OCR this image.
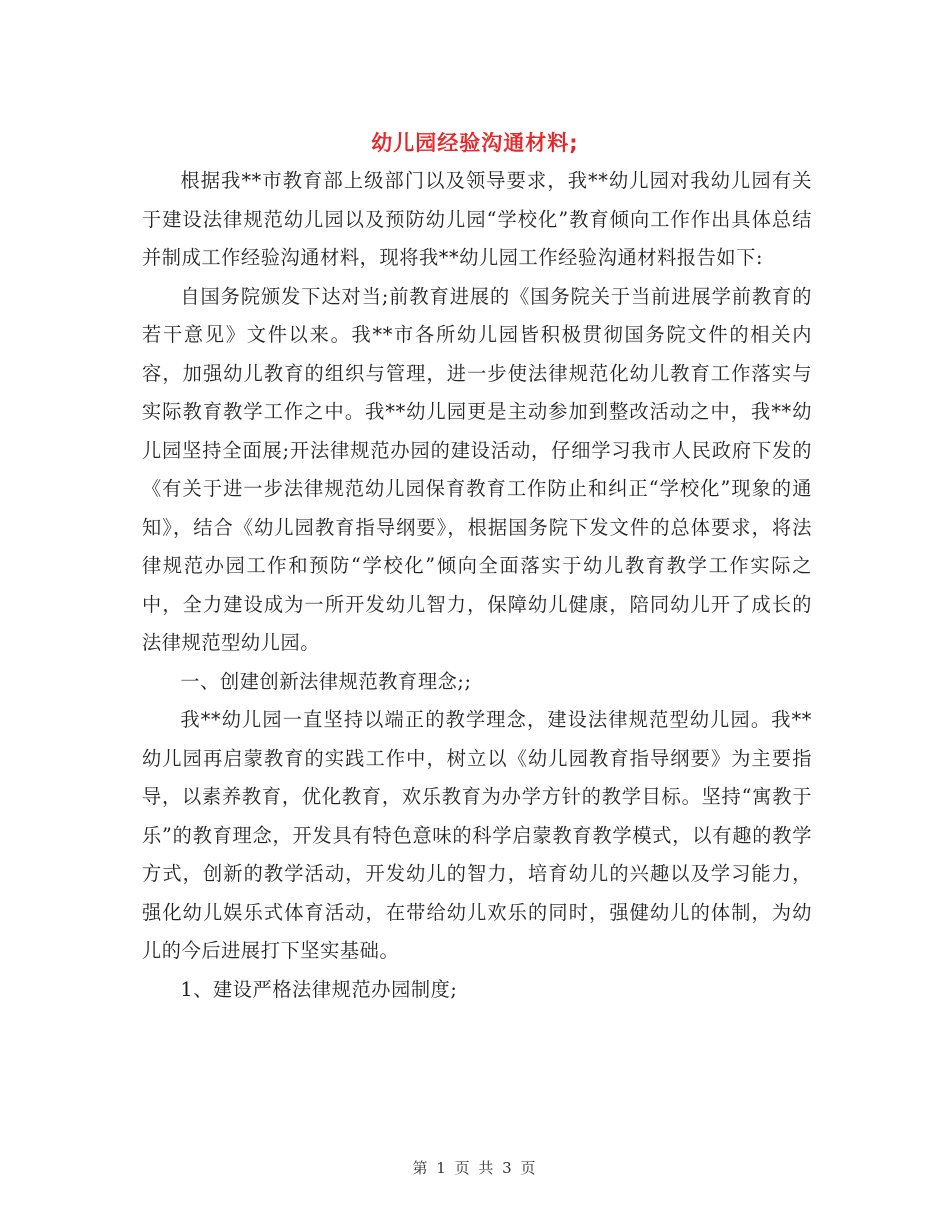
幼儿园经验沟通材料;

根据我**市教育部上级部门以及领导要求，我**幼儿园对我幼儿园有关于建设法律规范幼儿园以及预防幼儿园“学校化”教育倾向工作作出具体总结并制成工作经验沟通材料，现将我**幼儿园工作经验沟通材料报告如下:

自国务院颁发下达对当;前教育进展的《国务院关于当前进展学前教育的若干意见》文件以来。我**市各所幼儿园皆积极贯彻国务院文件的相关内容，加强幼儿教育的组织与管理，进一步使法律规范化幼儿教育工作落实与实际教育教学工作之中。我**幼儿园更是主动参加到整改活动之中，我**幼儿园坚持全面展;开法律规范办园的建设活动，仔细学习我市人民政府下发的《有关于进一步法律规范幼儿园保育教育工作防止和纠正“学校化”现象的通知》，结合《幼儿园教育指导纲要》，根据国务院下发文件的总体要求，将法律规范办园工作和预防“学校化”倾向全面落实于幼儿教育教学工作实际之中，全力建设成为一所开发幼儿智力，保障幼儿健康，陪同幼儿开了成长的法律规范型幼儿园。

一、创建创新法律规范教育理念;;

我**幼儿园一直坚持以端正的教学理念，建设法律规范型幼儿园。我**幼儿园再启蒙教育的实践工作中，树立以《幼儿园教育指导纲要》为主要指导，以素养教育，优化教育，欢乐教育为办学方针的教学目标。坚持“寓教于乐”的教育理念，开发具有特色意味的科学启蒙教育教学模式，以有趣的教学方式，创新的教学活动，开发幼儿的智力，培育幼儿的兴趣以及学习能力，强化幼儿娱乐式体育活动，在带给幼儿欢乐的同时，强健幼儿的体制，为幼儿的今后进展打下坚实基础。

1、建设严格法律规范办园制度;

第 1 页 共 3 页
